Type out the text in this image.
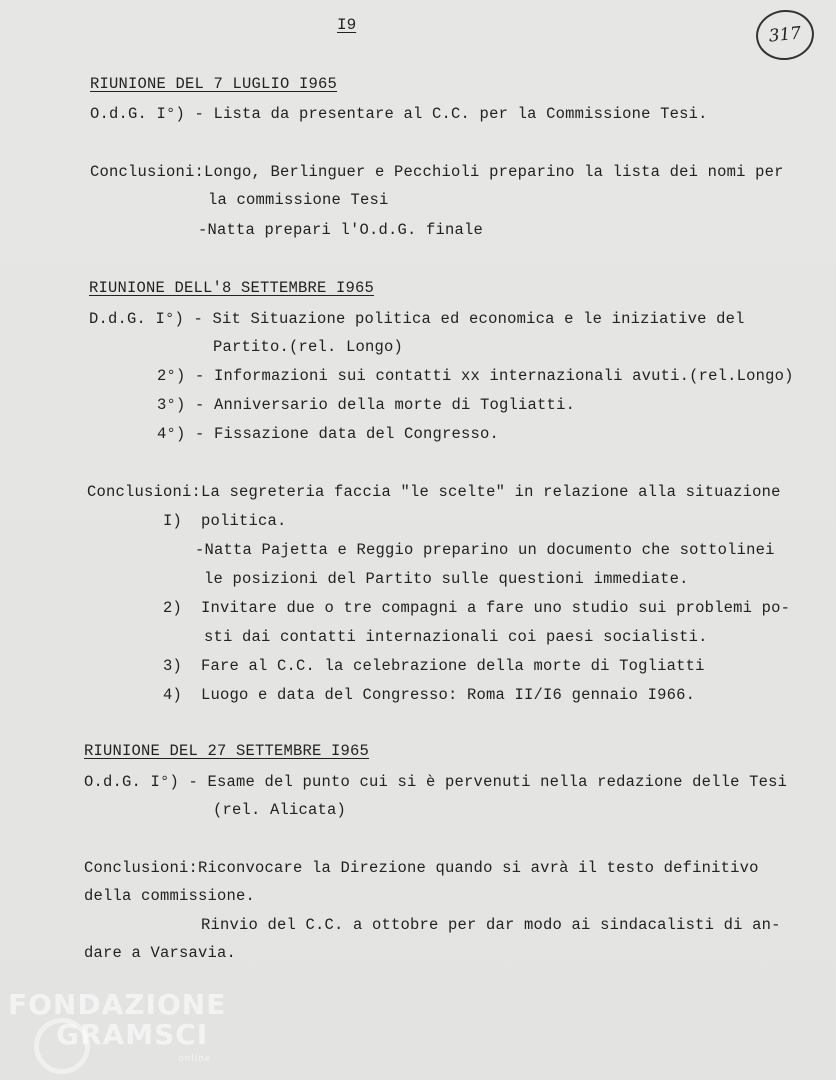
I9	317
RIUNIONE DEL 7 LUGLIO I965
O.d.G. I°) - Lista da presentare al C.C. per la Commissione Tesi.
Conclusioni:Longo, Berlinguer e Pecchioli preparino la lista dei nomi per
la commissione Tesi
-Natta prepari l'O.d.G. finale
RIUNIONE DELL'8 SETTEMBRE I965
D.d.G. I°) - Sit Situazione politica ed economica e le iniziative del
Partito.(rel. Longo)
2°) - Informazioni sui contatti xx internazionali avuti.(rel.Longo)
3°) - Anniversario della morte di Togliatti.
4°) - Fissazione data del Congresso.
Conclusioni:La segreteria faccia "le scelte" in relazione alla situazione
I)  politica.
-Natta Pajetta e Reggio preparino un documento che sottolinei
le posizioni del Partito sulle questioni immediate.
2)  Invitare due o tre compagni a fare uno studio sui problemi po-
sti dai contatti internazionali coi paesi socialisti.
3)  Fare al C.C. la celebrazione della morte di Togliatti
4)  Luogo e data del Congresso: Roma II/I6 gennaio I966.
RIUNIONE DEL 27 SETTEMBRE I965
O.d.G. I°) - Esame del punto cui si è pervenuti nella redazione delle Tesi
(rel. Alicata)
Conclusioni:Riconvocare la Direzione quando si avrà il testo definitivo
della commissione.
Rinvio del C.C. a ottobre per dar modo ai sindacalisti di an-
dare a Varsavia.
FONDAZIONE
GRAMSCI
online
